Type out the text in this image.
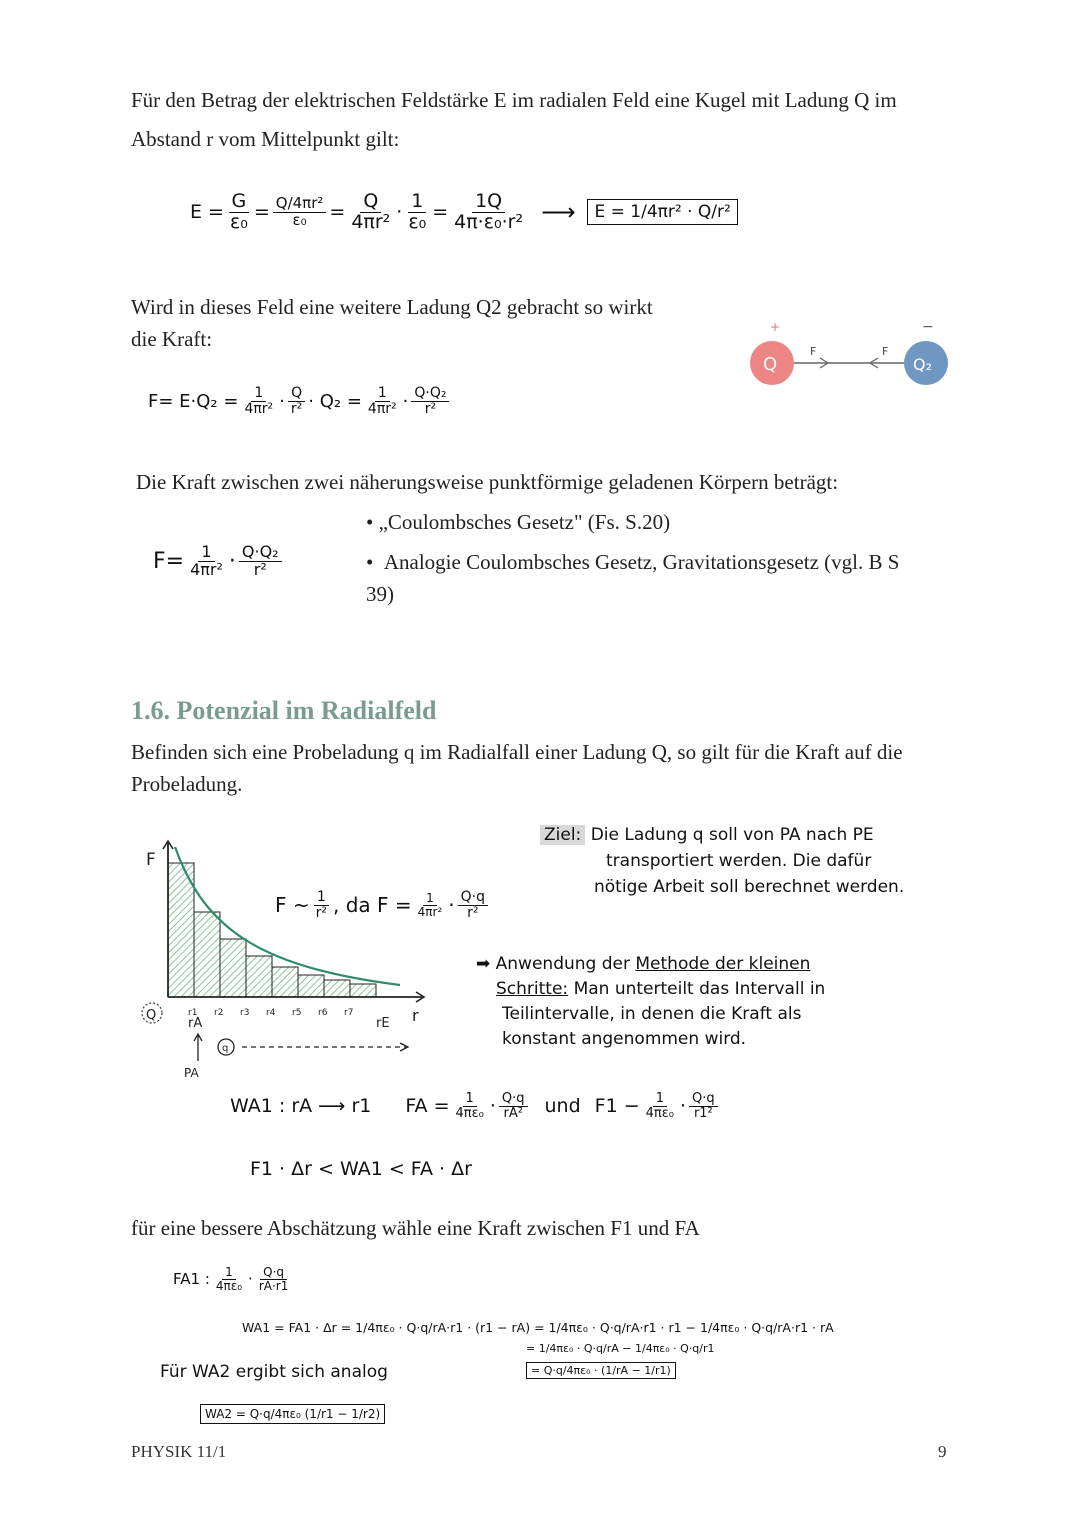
Für den Betrag der elektrischen Feldstärke E im radialen Feld eine Kugel mit Ladung Q im
Abstand r vom Mittelpunkt gilt:
$E = \frac{G}{\text{ε₀}} = \frac{\text{Q/4πr²}}{\text{ε₀}} = \frac{Q}{\text{4πr²}} \cdot \frac{1}{\text{ε₀}} = \frac{1Q}{\text{4π·ε₀·r²}}$ ⟶	E = 1/4πr² · Q/r²
Wird in dieses Feld eine weitere Ladung Q2 gebracht so wirkt
die Kraft:	+	−
F	F
Q	Q₂
$F= E\cdot Q_2 = \frac{1}{\text{4πr²}} \cdot \frac{Q}{\text{r²}} \cdot Q_2 = \frac{1}{\text{4πr²}} \cdot \frac{\text{Q·Q₂}}{\text{r²}}$
Die Kraft zwischen zwei näherungsweise punktförmige geladenen Körpern beträgt:
• „Coulombsches Gesetz" (Fs. S.20)
•  Analogie Coulombsches Gesetz, Gravitationsgesetz (vgl. B S
39)
$F= \frac{1}{\text{4πr²}} \cdot \frac{\text{Q·Q₂}}{\text{r²}}$
1.6. Potenzial im Radialfeld
Befinden sich eine Probeladung q im Radialfall einer Ladung Q, so gilt für die Kraft auf die
Probeladung.
F
r
r1 r2 r3 r4 r5 r6 r7
rA	rE
Q
q
PA
F ~ $\frac{1}{\text{r²}}$ , da $F = \frac{1}{\text{4πr²}} \cdot \frac{Q\cdot q}{\text{r²}}$
Ziel: Die Ladung q soll von PA nach PE
transportiert werden. Die dafür
nötige Arbeit soll berechnet werden.
➡ Anwendung der Methode der kleinen
Schritte: Man unterteilt das Intervall in
Teilintervalle, in denen die Kraft als
konstant angenommen wird.
WA1 : rA ⟶ r1 FA = $\frac{1}{\text{4πε₀}} \cdot \frac{Q\cdot q}{\text{rA²}}$ und $F1 - \frac{1}{\text{4πε₀}} \cdot \frac{Q\cdot q}{\text{r1²}}$
F1 · Δr < WA1 < FA · Δr
für eine bessere Abschätzung wähle eine Kraft zwischen F1 und FA
FA1 : $\frac{1}{\text{4πε₀}} \cdot \frac{Q\cdot q}{rA\cdot r1}$
WA1 = FA1 · Δr = 1/4πε₀ · Q·q/rA·r1 · (r1 − rA) = 1/4πε₀ · Q·q/rA·r1 · r1 − 1/4πε₀ · Q·q/rA·r1 · rA
= 1/4πε₀ · Q·q/rA − 1/4πε₀ · Q·q/r1
= Q·q/4πε₀ · (1/rA − 1/r1)
Für WA2 ergibt sich analog
WA2 = Q·q/4πε₀ (1/r1 − 1/r2)
PHYSIK 11/1	9
